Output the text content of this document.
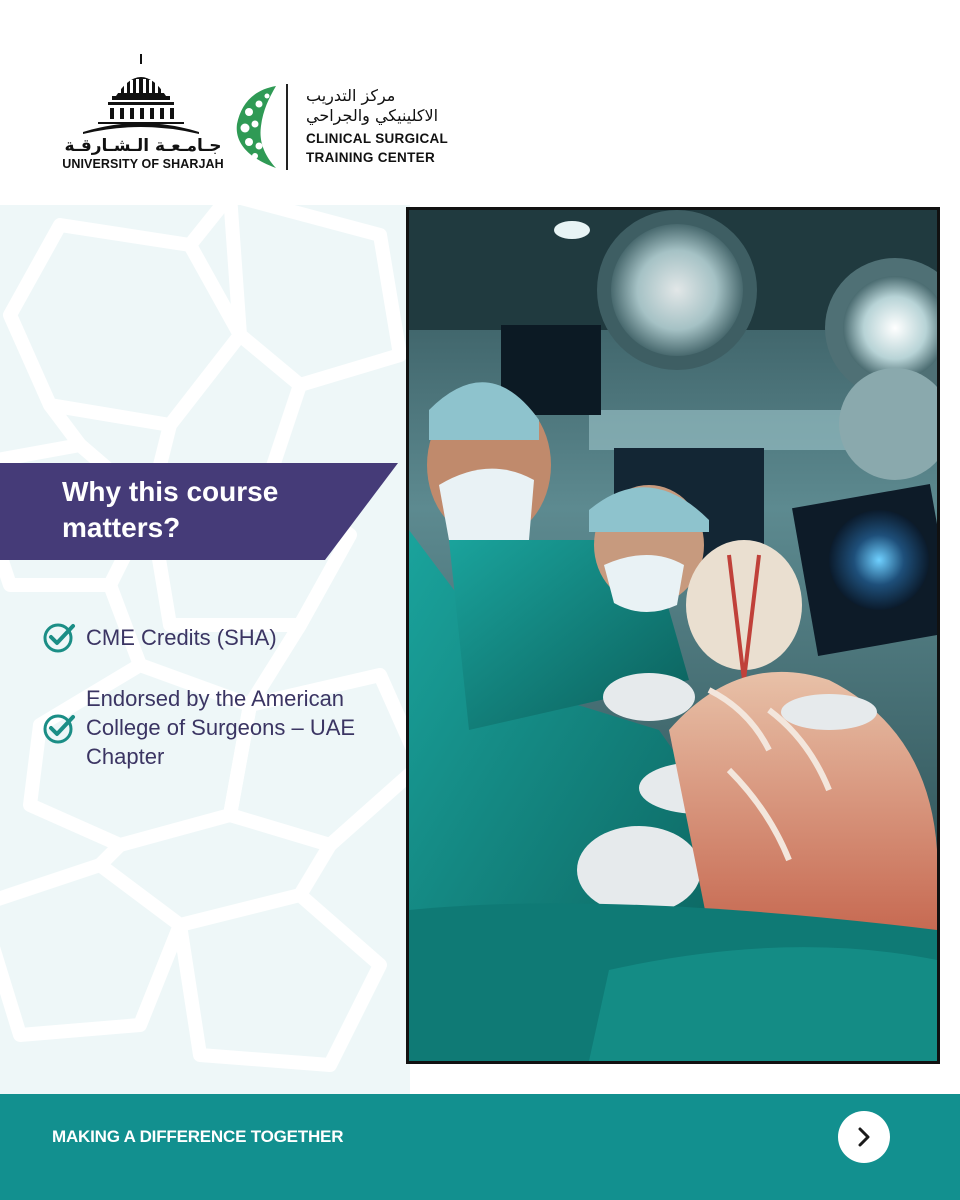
جـامـعـة الـشـارقـة
UNIVERSITY OF SHARJAH
مركز التدريب
الاكلينيكي والجراحي
CLINICAL SURGICAL
TRAINING CENTER
Why this course matters?
CME Credits (SHA)
Endorsed by the American College of Surgeons – UAE Chapter
MAKING A DIFFERENCE TOGETHER
